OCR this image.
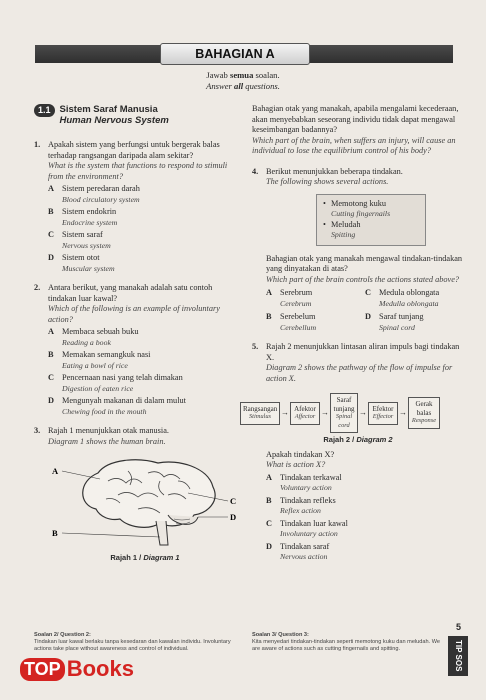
BAHAGIAN A
Jawab semua soalan.
Answer all questions.
1.1 Sistem Saraf Manusia
Human Nervous System
1. Apakah sistem yang berfungsi untuk bergerak balas terhadap rangsangan daripada alam sekitar?
What is the system that functions to respond to stimuli from the environment?
A Sistem peredaran darah
Blood circulatory system
B	Sistem endokrin
Endocrine system
C Sistem saraf
Nervous system
D Sistem otot
Muscular system
2. Antara berikut, yang manakah adalah satu contoh tindakan luar kawal?
Which of the following is an example of involuntary action?
A Membaca sebuah buku
Reading a book
B	Memakan semangkuk nasi
Eating a bowl of rice
C Pencernaan nasi yang telah dimakan
Digestion of eaten rice
D Mengunyah makanan di dalam mulut
Chewing food in the mouth
3. Rajah 1 menunjukkan otak manusia.
Diagram 1 shows the human brain.
A
C
D
B
Rajah 1 / Diagram 1
Bahagian otak yang manakah, apabila mengalami kecederaan, akan menyebabkan seseorang individu tidak dapat mengawal keseimbangan badannya?
Which part of the brain, when suffers an injury, will cause an individual to lose the equilibrium control of his body?
4. Berikut menunjukkan beberapa tindakan.
The following shows several actions.
• Memotong kuku
Cutting fingernails
• Meludah
Spitting
Bahagian otak yang manakah mengawal tindakan-tindakan yang dinyatakan di atas?
Which part of the brain controls the actions stated above?
A Serebrum
Cerebrum
C Medula oblongata
Medulla oblongata
B	Serebelum
Cerebellum
D Saraf tunjang
Spinal cord
5. Rajah 2 menunjukkan lintasan aliran impuls bagi tindakan X.
Diagram 2 shows the pathway of the flow of impulse for action X.
Rangsangan
Stimulus	→ Afektor
Affector →
Saraf tunjang
Spinal cord
→ Efektor
Effector →
Gerak balas
Response
Rajah 2 / Diagram 2
Apakah tindakan X?
What is action X?
A Tindakan terkawal
Voluntary action
B	Tindakan refleks
Reflex action
C Tindakan luar kawal
Involuntary action
D Tindakan saraf
Nervous action
5
TIP SOS
Soalan 2/ Question 2:
Tindakan luar kawal berlaku tanpa kesedaran dan kawalan individu. Involuntary actions take place without awareness and control of individual.
Soalan 3/ Question 3:
Kita menyedari tindakan-tindakan seperti memotong kuku dan meludah. We are aware of actions such as cutting fingernails and spitting.
TOP Books
